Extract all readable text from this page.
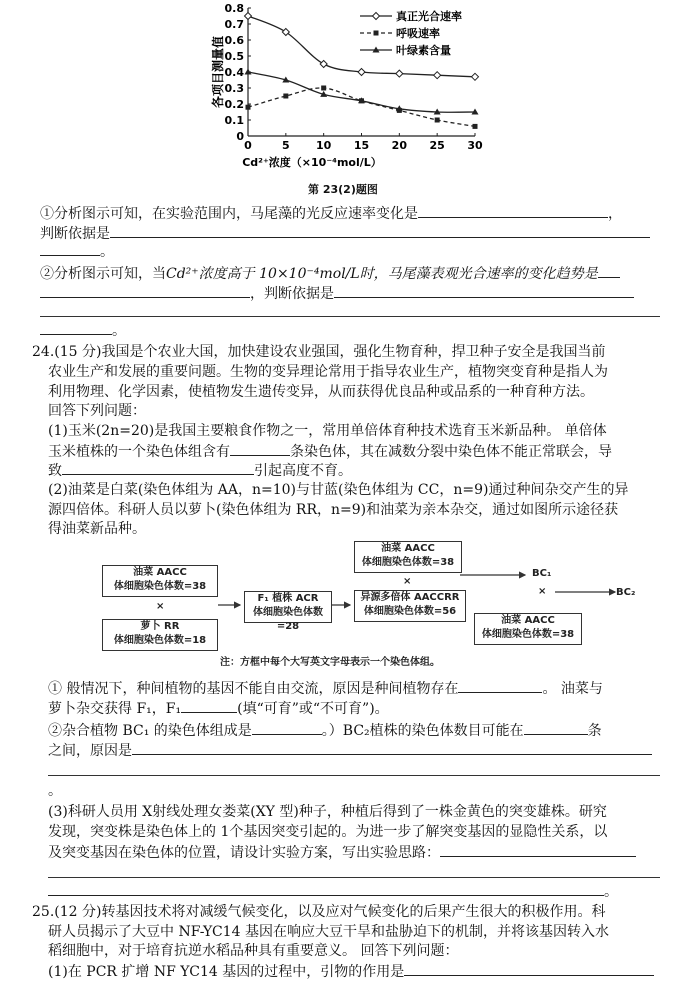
各项目测量值
0
0.1
0.2
0.3
0.4
0.5
0.6
0.7
0.8
0	5 10 15 20 25 30
真正光合速率
呼吸速率
叶绿素含量
Cd²⁺浓度（×10⁻⁴mol/L）
第 23(2)题图
①分析图示可知，在实验范围内，马尾藻的光反应速率变化是	，
判断依据是
。
②分析图示可知，当Cd²⁺浓度高于 10×10⁻⁴mol/L时，马尾藻表观光合速率的变化趋势是
，判断依据是
。
24.(15 分)我国是个农业大国，加快建设农业强国，强化生物育种，捍卫种子安全是我国当前
农业生产和发展的重要问题。生物的变异理论常用于指导农业生产，植物突变育种是指人为
利用物理、化学因素，使植物发生遗传变异，从而获得优良品种或品系的一种育种方法。
回答下列问题：
(1)玉米(2n=20)是我国主要粮食作物之一，常用单倍体育种技术选育玉米新品种。 单倍体
玉米植株的一个染色体组含有	条染色体，其在减数分裂中染色体不能正常联会，导
致	引起高度不育。
(2)油菜是白菜(染色体组为 AA，n=10)与甘蓝(染色体组为 CC，n=9)通过种间杂交产生的异
源四倍体。科研人员以萝卜(染色体组为 RR，n=9)和油菜为亲本杂交，通过如图所示途径获
得油菜新品种。
油菜 AACC
体细胞染色体数=38
×
萝卜 RR
体细胞染色体数=18
F₁ 植株 ACR
体细胞染色体数=28
油菜 AACC
体细胞染色体数=38
×
异源多倍体 AACCRR
体细胞染色体数=56
BC₁
×	BC₂
油菜 AACC
体细胞染色体数=38
注：方框中每个大写英文字母表示一个染色体组。
① 般情况下，种间植物的基因不能自由交流，原因是种间植物存在	。 油菜与
萝卜杂交获得 F₁，F₁	(填“可育”或“不可育”)。
②杂合植物 BC₁ 的染色体组成是	。）BC₂植株的染色体数目可能在	条
之间，原因是
。
(3)科研人员用 X射线处理女娄菜(XY 型)种子，种植后得到了一株金黄色的突变雄株。研究
发现，突变株是染色体上的 1个基因突变引起的。为进一步了解突变基因的显隐性关系，以
及突变基因在染色体的位置，请设计实验方案，写出实验思路：
。
25.(12 分)转基因技术将对减缓气候变化，以及应对气候变化的后果产生很大的积极作用。科
研人员揭示了大豆中 NF-YC14 基因在响应大豆干旱和盐胁迫下的机制，并将该基因转入水
稻细胞中，对于培育抗逆水稻品种具有重要意义。 回答下列问题：
(1)在 PCR 扩增 NF YC14 基因的过程中，引物的作用是
